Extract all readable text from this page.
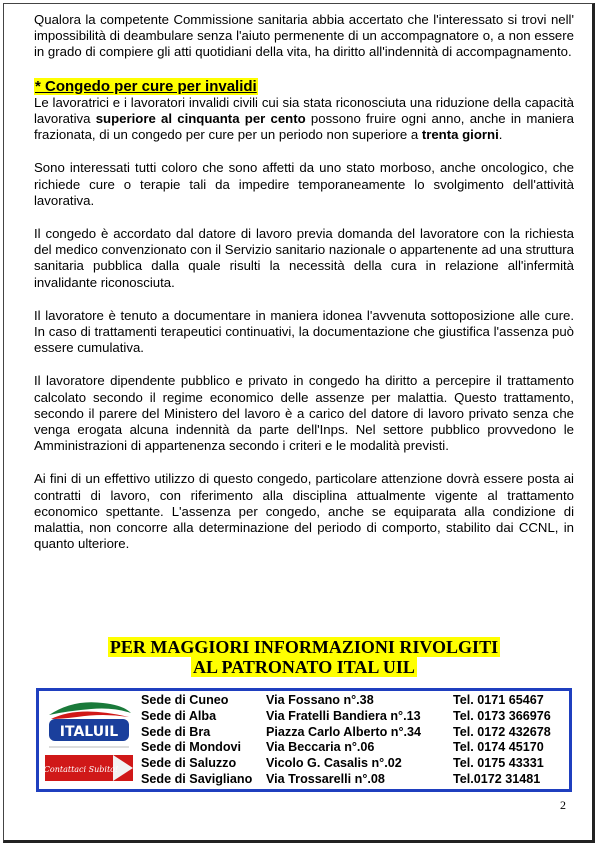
Qualora la competente Commissione sanitaria abbia accertato che l'interessato si trovi nell' impossibilità di deambulare senza l'aiuto permenente di un accompagnatore o, a non essere in grado di compiere gli atti quotidiani della vita, ha diritto all'indennità di accompagnamento.

* Congedo per cure per invalidi

Le lavoratrici e i lavoratori invalidi civili cui sia stata riconosciuta una riduzione della capacità lavorativa superiore al cinquanta per cento possono fruire ogni anno, anche in maniera frazionata, di un congedo per cure per un periodo non superiore a trenta giorni.

Sono interessati tutti coloro che sono affetti da uno stato morboso, anche oncologico, che richiede cure o terapie tali da impedire temporaneamente lo svolgimento dell'attività lavorativa.

Il congedo è accordato dal datore di lavoro previa domanda del lavoratore con la richiesta del medico convenzionato con il Servizio sanitario nazionale o appartenente ad una struttura sanitaria pubblica dalla quale risulti la necessità della cura in relazione all'infermità invalidante riconosciuta.

Il lavoratore è tenuto a documentare in maniera idonea l'avvenuta sottoposizione alle cure. In caso di trattamenti terapeutici continuativi, la documentazione che giustifica l'assenza può essere cumulativa.

Il lavoratore dipendente pubblico e privato in congedo ha diritto a percepire il trattamento calcolato secondo il regime economico delle assenze per malattia. Questo trattamento, secondo il parere del Ministero del lavoro è a carico del datore di lavoro privato senza che venga erogata alcuna indennità da parte dell'Inps. Nel settore pubblico provvedono le Amministrazioni di appartenenza secondo i criteri e le modalità previsti.

Ai fini di un effettivo utilizzo di questo congedo, particolare attenzione dovrà essere posta ai contratti di lavoro, con riferimento alla disciplina attualmente vigente al trattamento economico spettante. L'assenza per congedo, anche se equiparata alla condizione di malattia, non concorre alla determinazione del periodo di comporto, stabilito dai CCNL, in quanto ulteriore.

PER MAGGIORI INFORMAZIONI RIVOLGITI
AL PATRONATO ITAL UIL
ITALUIL
Contattaci Subito!
Sede di Cuneo	Via Fossano n°.38	Tel. 0171 65467
Sede di Alba	Via Fratelli Bandiera n°.13	Tel. 0173 366976
Sede di Bra	Piazza Carlo Alberto n°.34	Tel. 0172 432678
Sede di Mondovi Via Beccaria n°.06	Tel. 0174 45170
Sede di Saluzzo Vicolo G. Casalis n°.02	Tel. 0175 43331
Sede di Savigliano Via Trossarelli n°.08	Tel.0172 31481
2
